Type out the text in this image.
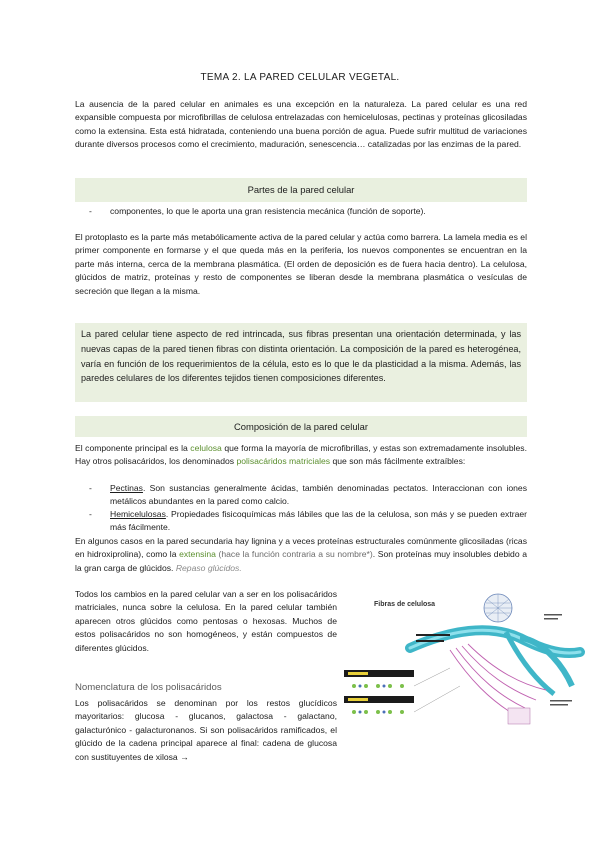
TEMA 2. LA PARED CELULAR VEGETAL.

La ausencia de la pared celular en animales es una excepción en la naturaleza. La pared celular es una red expansible compuesta por microfibrillas de celulosa entrelazadas con hemicelulosas, pectinas y proteínas glicosiladas como la extensina. Esta está hidratada, conteniendo una buena porción de agua. Puede sufrir multitud de variaciones durante diversos procesos como el crecimiento, maduración, senescencia… catalizadas por las enzimas de la pared.

Partes de la pared celular
- componentes, lo que le aporta una gran resistencia mecánica (función de soporte).

El protoplasto es la parte más metabólicamente activa de la pared celular y actúa como barrera. La lamela media es el primer componente en formarse y el que queda más en la periferia, los nuevos componentes se encuentran en la parte más interna, cerca de la membrana plasmática. (El orden de deposición es de fuera hacia dentro). La celulosa, glúcidos de matriz, proteínas y resto de componentes se liberan desde la membrana plasmática o vesículas de secreción que llegan a la misma.

La pared celular tiene aspecto de red intrincada, sus fibras presentan una orientación determinada, y las nuevas capas de la pared tienen fibras con distinta orientación. La composición de la pared es heterogénea, varía en función de los requerimientos de la célula, esto es lo que le da plasticidad a la misma. Además, las paredes celulares de los diferentes tejidos tienen composiciones diferentes.
Composición de la pared celular

El componente principal es la celulosa que forma la mayoría de microfibrillas, y estas son extremadamente insolubles. Hay otros polisacáridos, los denominados polisacáridos matriciales que son más fácilmente extraíbles:

- Pectinas. Son sustancias generalmente ácidas, también denominadas pectatos. Interaccionan con iones metálicos abundantes en la pared como calcio.
- Hemicelulosas. Propiedades fisicoquímicas más lábiles que las de la celulosa, son más y se pueden extraer más fácilmente.

En algunos casos en la pared secundaria hay lignina y a veces proteínas estructurales comúnmente glicosiladas (ricas en hidroxiprolina), como la extensina (hace la función contraria a su nombre*). Son proteínas muy insolubles debido a la gran carga de glúcidos. Repaso glúcidos.

Todos los cambios en la pared celular van a ser en los polisacáridos matriciales, nunca sobre la celulosa. En la pared celular también aparecen otros glúcidos como pentosas o hexosas. Muchos de estos polisacáridos no son homogéneos, y están compuestos de diferentes glúcidos.

Fibras de celulosa
Nomenclatura de los polisacáridos

Los polisacáridos se denominan por los restos glucídicos mayoritarios: glucosa - glucanos, galactosa - galactano, galacturónico - galacturonanos. Si son polisacáridos ramificados, el glúcido de la cadena principal aparece al final: cadena de glucosa con sustituyentes de xilosa →
